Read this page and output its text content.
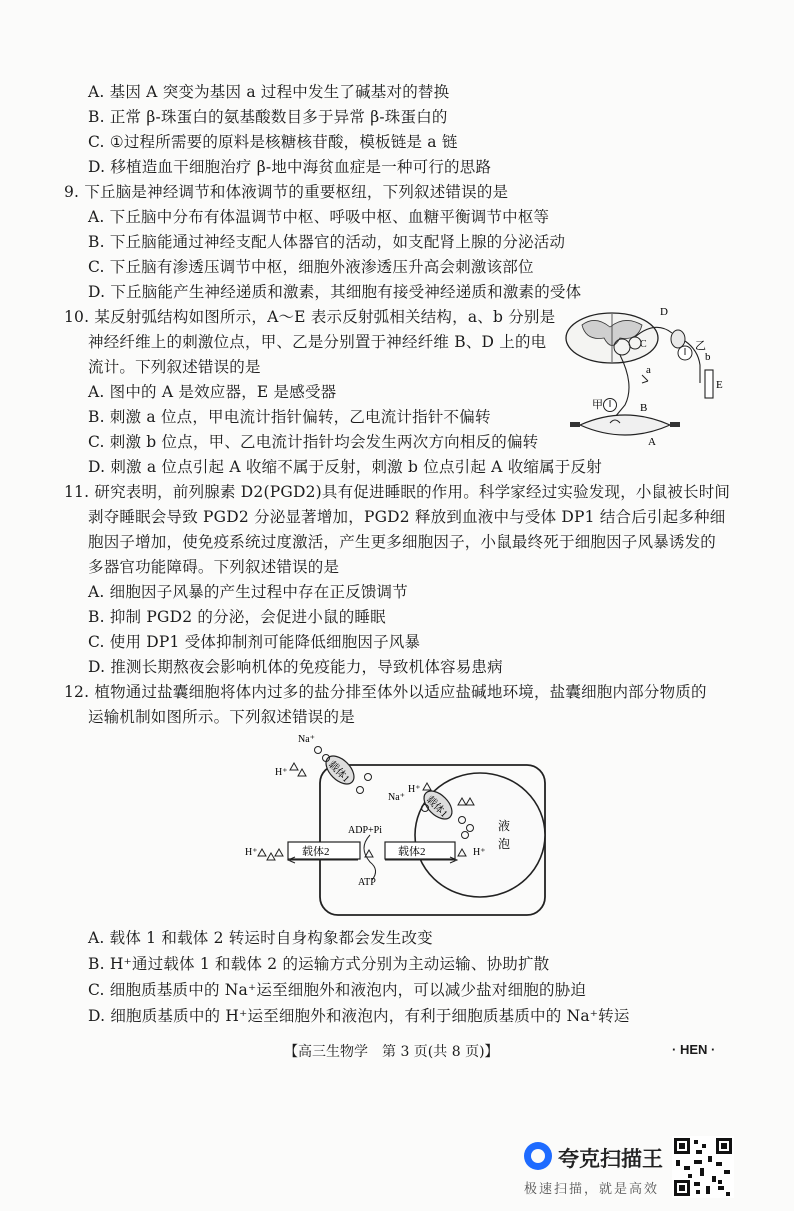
A. 基因 A 突变为基因 a 过程中发生了碱基对的替换
B. 正常 β-珠蛋白的氨基酸数目多于异常 β-珠蛋白的
C. ①过程所需要的原料是核糖核苷酸，模板链是 a 链
D. 移植造血干细胞治疗 β-地中海贫血症是一种可行的思路
9. 下丘脑是神经调节和体液调节的重要枢纽，下列叙述错误的是
A. 下丘脑中分布有体温调节中枢、呼吸中枢、血糖平衡调节中枢等
B. 下丘脑能通过神经支配人体器官的活动，如支配肾上腺的分泌活动
C. 下丘脑有渗透压调节中枢，细胞外液渗透压升高会刺激该部位
D. 下丘脑能产生神经递质和激素，其细胞有接受神经递质和激素的受体
10. 某反射弧结构如图所示，A～E 表示反射弧相关结构，a、b 分别是
神经纤维上的刺激位点，甲、乙是分别置于神经纤维 B、D 上的电
流计。下列叙述错误的是
A. 图中的 A 是效应器，E 是感受器
B. 刺激 a 位点，甲电流计指针偏转，乙电流计指针不偏转
C. 刺激 b 位点，甲、乙电流计指针均会发生两次方向相反的偏转
D. 刺激 a 位点引起 A 收缩不属于反射，刺激 b 位点引起 A 收缩属于反射
D
乙
C
b
E
a
甲	B
A
11. 研究表明，前列腺素 D2(PGD2)具有促进睡眠的作用。科学家经过实验发现，小鼠被长时间
剥夺睡眠会导致 PGD2 分泌显著增加，PGD2 释放到血液中与受体 DP1 结合后引起多种细
胞因子增加，使免疫系统过度激活，产生更多细胞因子，小鼠最终死于细胞因子风暴诱发的
多器官功能障碍。下列叙述错误的是
A. 细胞因子风暴的产生过程中存在正反馈调节
B. 抑制 PGD2 的分泌，会促进小鼠的睡眠
C. 使用 DP1 受体抑制剂可能降低细胞因子风暴
D. 推测长期熬夜会影响机体的免疫能力，导致机体容易患病
12. 植物通过盐囊细胞将体内过多的盐分排至体外以适应盐碱地环境，盐囊细胞内部分物质的
运输机制如图所示。下列叙述错误的是
载体1
载体1
载体2	载体2
ADP+Pi
ATP
Na⁺
H⁺
H⁺
Na⁺
H⁺	H⁺
液
泡
A. 载体 1 和载体 2 转运时自身构象都会发生改变
B. H⁺通过载体 1 和载体 2 的运输方式分别为主动运输、协助扩散
C. 细胞质基质中的 Na⁺运至细胞外和液泡内，可以减少盐对细胞的胁迫
D. 细胞质基质中的 H⁺运至细胞外和液泡内，有利于细胞质基质中的 Na⁺转运
【高三生物学　第 3 页(共 8 页)】	· HEN ·
夸克扫描王
极速扫描，就是高效
